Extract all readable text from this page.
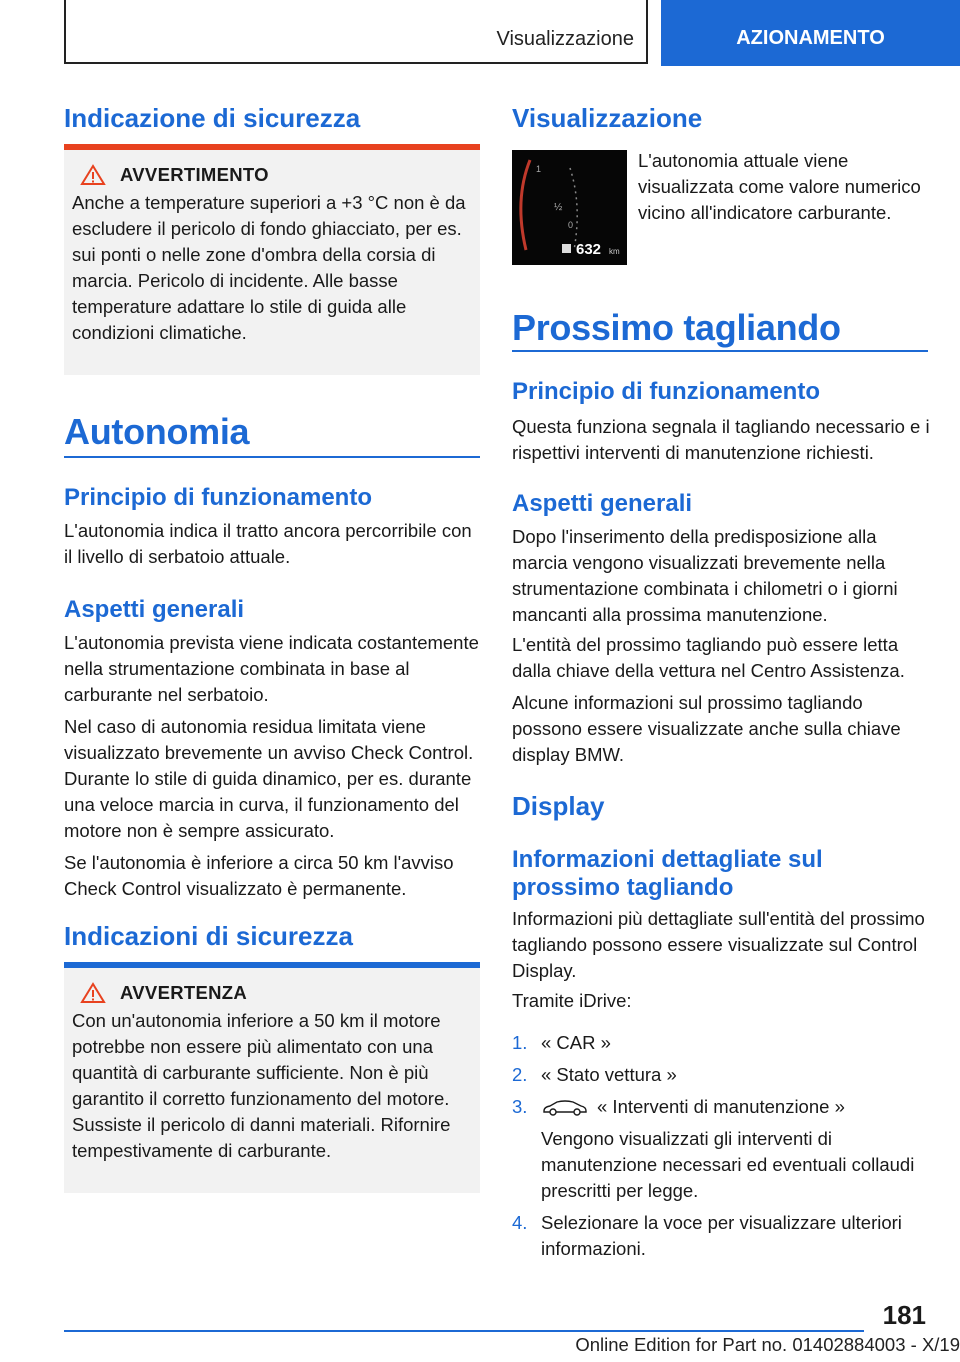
Visualizzazione	AZIONAMENTO
Indicazione di sicurezza
AVVERTIMENTO
Anche a temperature superiori a +3 °C non è da escludere il pericolo di fondo ghiacciato, per es. sui ponti o nelle zone d'ombra della corsia di marcia. Pericolo di incidente. Alle basse temperature adattare lo stile di guida alle condizioni climatiche.
Autonomia
Principio di funzionamento

L'autonomia indica il tratto ancora percorribile con il livello di serbatoio attuale.

Aspetti generali

L'autonomia prevista viene indicata costantemente nella strumentazione combinata in base al carburante nel serbatoio.

Nel caso di autonomia residua limitata viene visualizzato brevemente un avviso Check Control. Durante lo stile di guida dinamico, per es. durante una veloce marcia in curva, il funzionamento del motore non è sempre assicurato.

Se l'autonomia è inferiore a circa 50 km l'avviso Check Control visualizzato è permanente.

Indicazioni di sicurezza
AVVERTENZA
Con un'autonomia inferiore a 50 km il motore potrebbe non essere più alimentato con una quantità di carburante sufficiente. Non è più garantito il corretto funzionamento del motore. Sussiste il pericolo di danni materiali. Rifornire tempestivamente di carburante.
Visualizzazione
1
½
0
632 km

L'autonomia attuale viene visualizzata come valore numerico vicino all'indicatore carburante.

Prossimo tagliando
Principio di funzionamento

Questa funziona segnala il tagliando necessario e i rispettivi interventi di manutenzione richiesti.

Aspetti generali

Dopo l'inserimento della predisposizione alla marcia vengono visualizzati brevemente nella strumentazione combinata i chilometri o i giorni mancanti alla prossima manutenzione.

L'entità del prossimo tagliando può essere letta dalla chiave della vettura nel Centro Assistenza.

Alcune informazioni sul prossimo tagliando possono essere visualizzate anche sulla chiave display BMW.

Display
Informazioni dettagliate sul prossimo tagliando

Informazioni più dettagliate sull'entità del prossimo tagliando possono essere visualizzate sul Control Display.

Tramite iDrive:

1. « CAR »
2. « Stato vettura »
3.	« Interventi di manutenzione »
Vengono visualizzati gli interventi di manutenzione necessari ed eventuali collaudi prescritti per legge.
4. Selezionare la voce per visualizzare ulteriori informazioni.
181
Online Edition for Part no. 01402884003 - X/19
